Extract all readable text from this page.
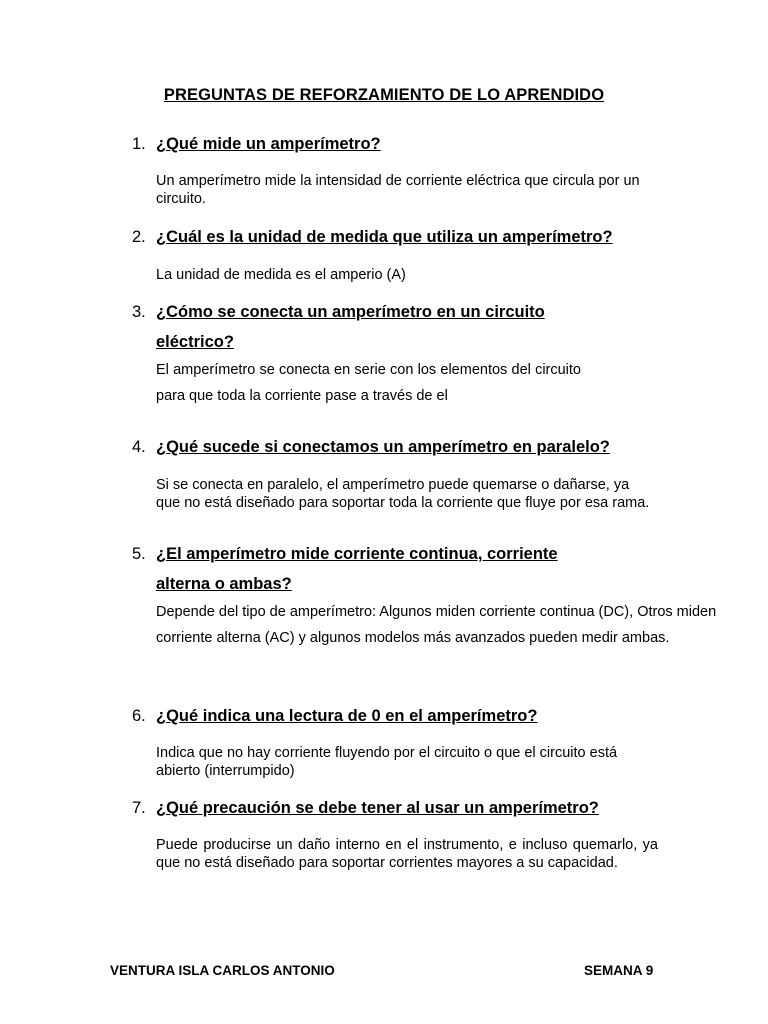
PREGUNTAS DE REFORZAMIENTO DE LO APRENDIDO
1. ¿Qué mide un amperímetro?
Un amperímetro mide la intensidad de corriente eléctrica que circula por un circuito.
2. ¿Cuál es la unidad de medida que utiliza un amperímetro?
La unidad de medida es el amperio (A)
3. ¿Cómo se conecta un amperímetro en un circuito
eléctrico?
El amperímetro se conecta en serie con los elementos del circuito para que toda la corriente pase a través de el
4. ¿Qué sucede si conectamos un amperímetro en paralelo?
Si se conecta en paralelo, el amperímetro puede quemarse o dañarse, ya que no está diseñado para soportar toda la corriente que fluye por esa rama.
5. ¿El amperímetro mide corriente continua, corriente
alterna o ambas?
Depende del tipo de amperímetro: Algunos miden corriente continua (DC), Otros miden corriente alterna (AC) y algunos modelos más avanzados pueden medir ambas.
6. ¿Qué indica una lectura de 0 en el amperímetro?
Indica que no hay corriente fluyendo por el circuito o que el circuito está abierto (interrumpido)
7. ¿Qué precaución se debe tener al usar un amperímetro?
Puede producirse un daño interno en el instrumento, e incluso quemarlo, ya que no está diseñado para soportar corrientes mayores a su capacidad.
VENTURA ISLA CARLOS ANTONIO	SEMANA 9
